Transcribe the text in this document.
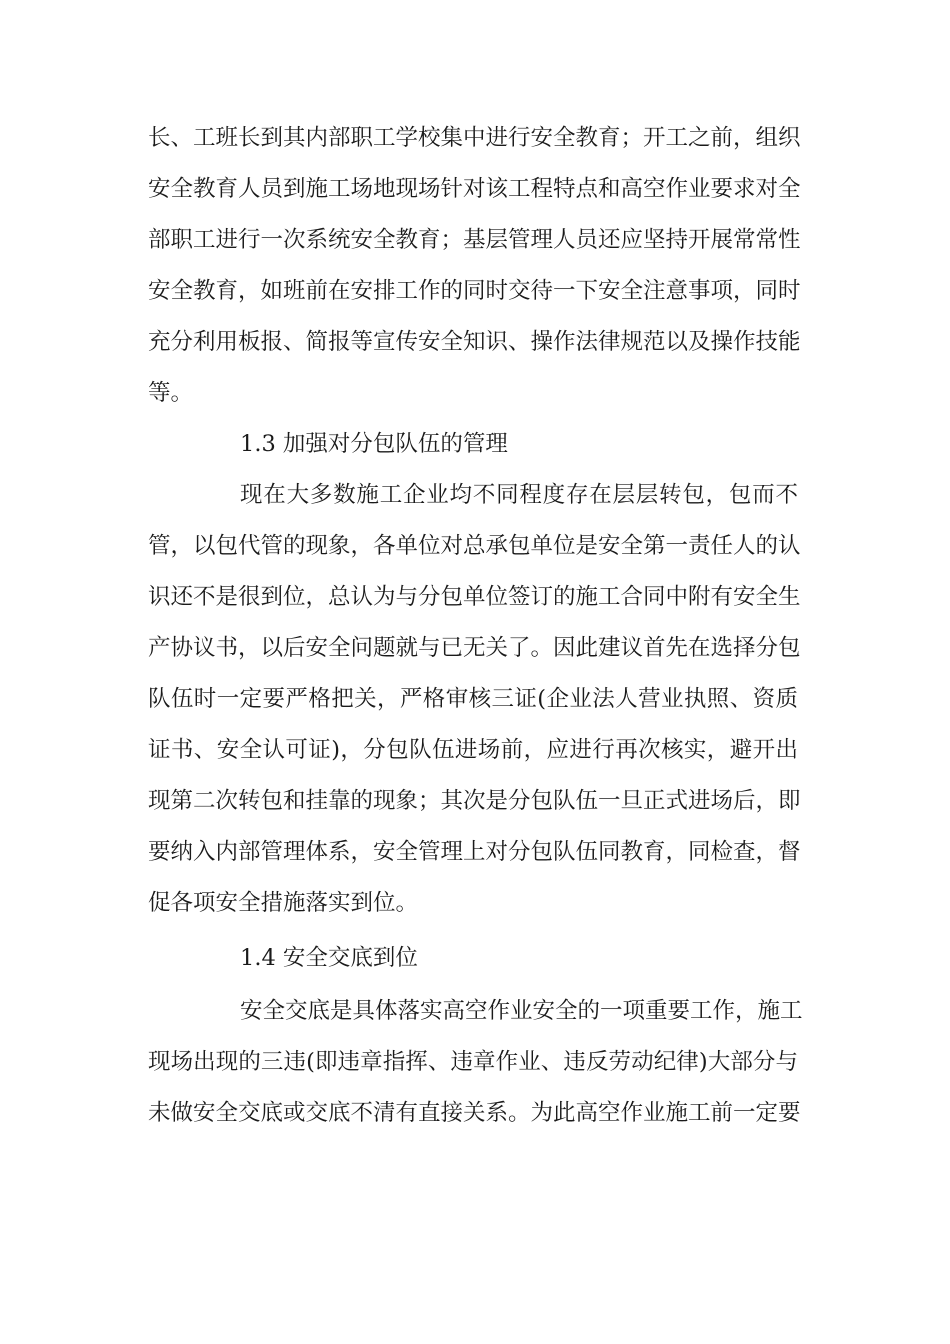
长、工班长到其内部职工学校集中进行安全教育；开工之前，组织
安全教育人员到施工场地现场针对该工程特点和高空作业要求对全
部职工进行一次系统安全教育；基层管理人员还应坚持开展常常性
安全教育，如班前在安排工作的同时交待一下安全注意事项，同时
充分利用板报、简报等宣传安全知识、操作法律规范以及操作技能
等。
1.3 加强对分包队伍的管理
现在大多数施工企业均不同程度存在层层转包，包而不
管，以包代管的现象，各单位对总承包单位是安全第一责任人的认
识还不是很到位，总认为与分包单位签订的施工合同中附有安全生
产协议书，以后安全问题就与已无关了。因此建议首先在选择分包
队伍时一定要严格把关，严格审核三证(企业法人营业执照、资质
证书、安全认可证)，分包队伍进场前，应进行再次核实，避开出
现第二次转包和挂靠的现象；其次是分包队伍一旦正式进场后，即
要纳入内部管理体系，安全管理上对分包队伍同教育，同检查，督
促各项安全措施落实到位。
1.4 安全交底到位
安全交底是具体落实高空作业安全的一项重要工作，施工
现场出现的三违(即违章指挥、违章作业、违反劳动纪律)大部分与
未做安全交底或交底不清有直接关系。为此高空作业施工前一定要
